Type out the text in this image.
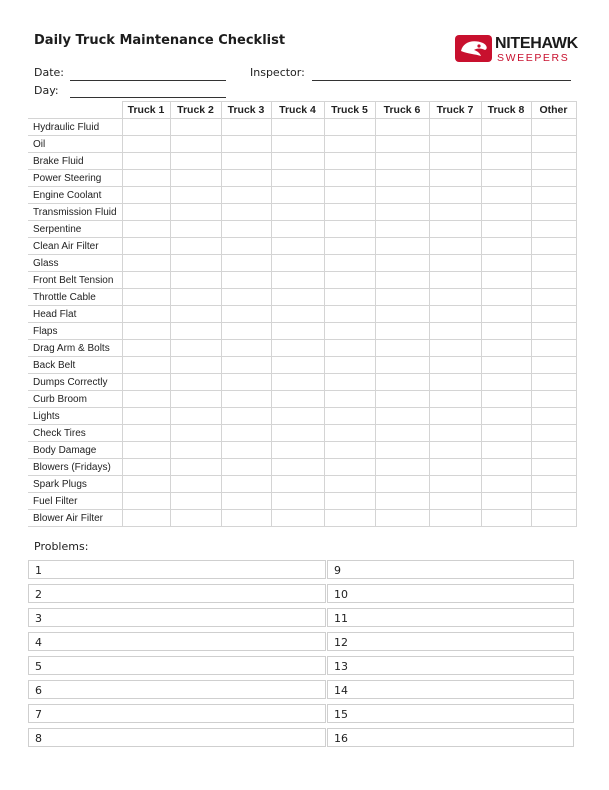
Daily Truck Maintenance Checklist	NITEHAWK
SWEEPERS
Date:	Inspector:
Day:
	Truck 1	Truck 2	Truck 3	Truck 4	Truck 5	Truck 6	Truck 7	Truck 8	Other
Hydraulic Fluid									
Oil									
Brake Fluid									
Power Steering									
Engine Coolant									
Transmission Fluid									
Serpentine									
Clean Air Filter									
Glass									
Front Belt Tension									
Throttle Cable									
Head Flat									
Flaps									
Drag Arm & Bolts									
Back Belt									
Dumps Correctly									
Curb Broom									
Lights									
Check Tires									
Body Damage									
Blowers (Fridays)									
Spark Plugs									
Fuel Filter									
Blower Air Filter									
Problems:
1
2
3
4
5
6
7
8
9
10
11
12
13
14
15
16
